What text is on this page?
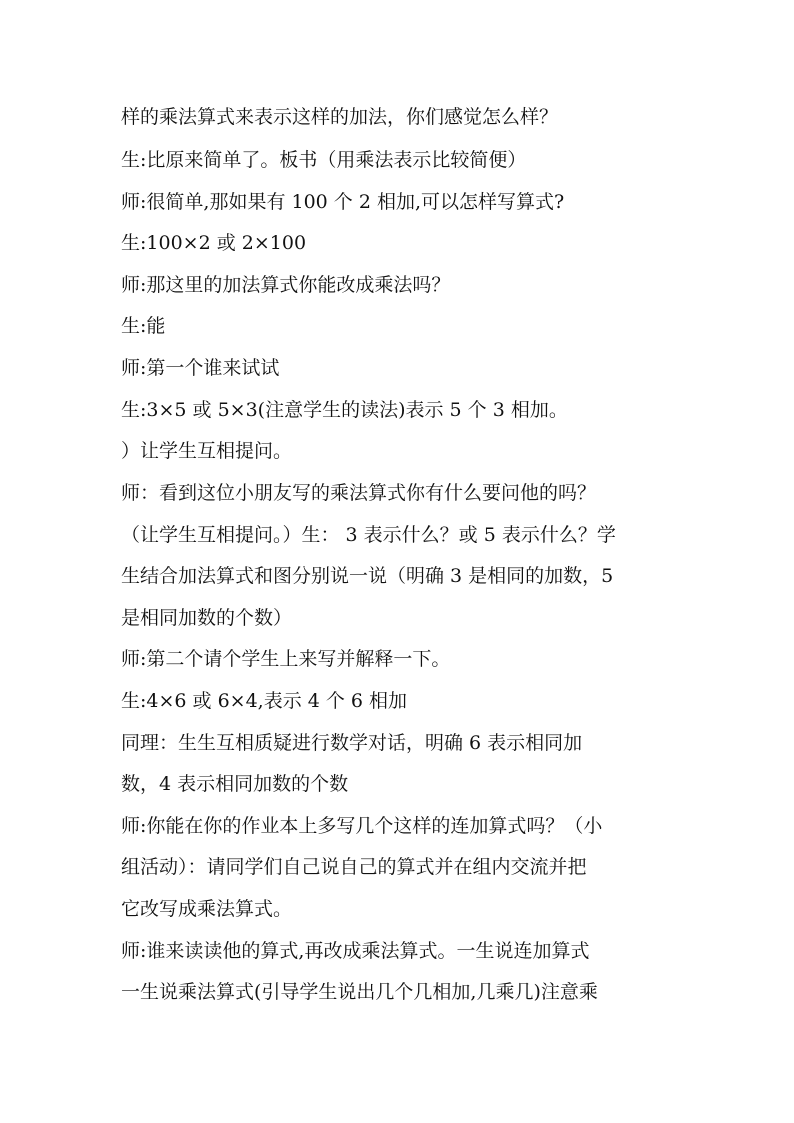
样的乘法算式来表示这样的加法，你们感觉怎么样？
生:比原来简单了。板书（用乘法表示比较简便）
师:很简单,那如果有 100 个 2 相加,可以怎样写算式?
生:100×2 或 2×100
师:那这里的加法算式你能改成乘法吗？
生:能
师:第一个谁来试试
生:3×5 或 5×3(注意学生的读法)表示 5 个 3 相加。
）让学生互相提问。
师：看到这位小朋友写的乘法算式你有什么要问他的吗？
（让学生互相提问。）生： 3 表示什么？或 5 表示什么？学
生结合加法算式和图分别说一说（明确 3 是相同的加数，5
是相同加数的个数）
师:第二个请个学生上来写并解释一下。
生:4×6 或 6×4,表示 4 个 6 相加
同理：生生互相质疑进行数学对话，明确 6 表示相同加
数，4 表示相同加数的个数
师:你能在你的作业本上多写几个这样的连加算式吗？（小
组活动）：请同学们自己说自己的算式并在组内交流并把
它改写成乘法算式。
师:谁来读读他的算式,再改成乘法算式。一生说连加算式
一生说乘法算式(引导学生说出几个几相加,几乘几)注意乘
